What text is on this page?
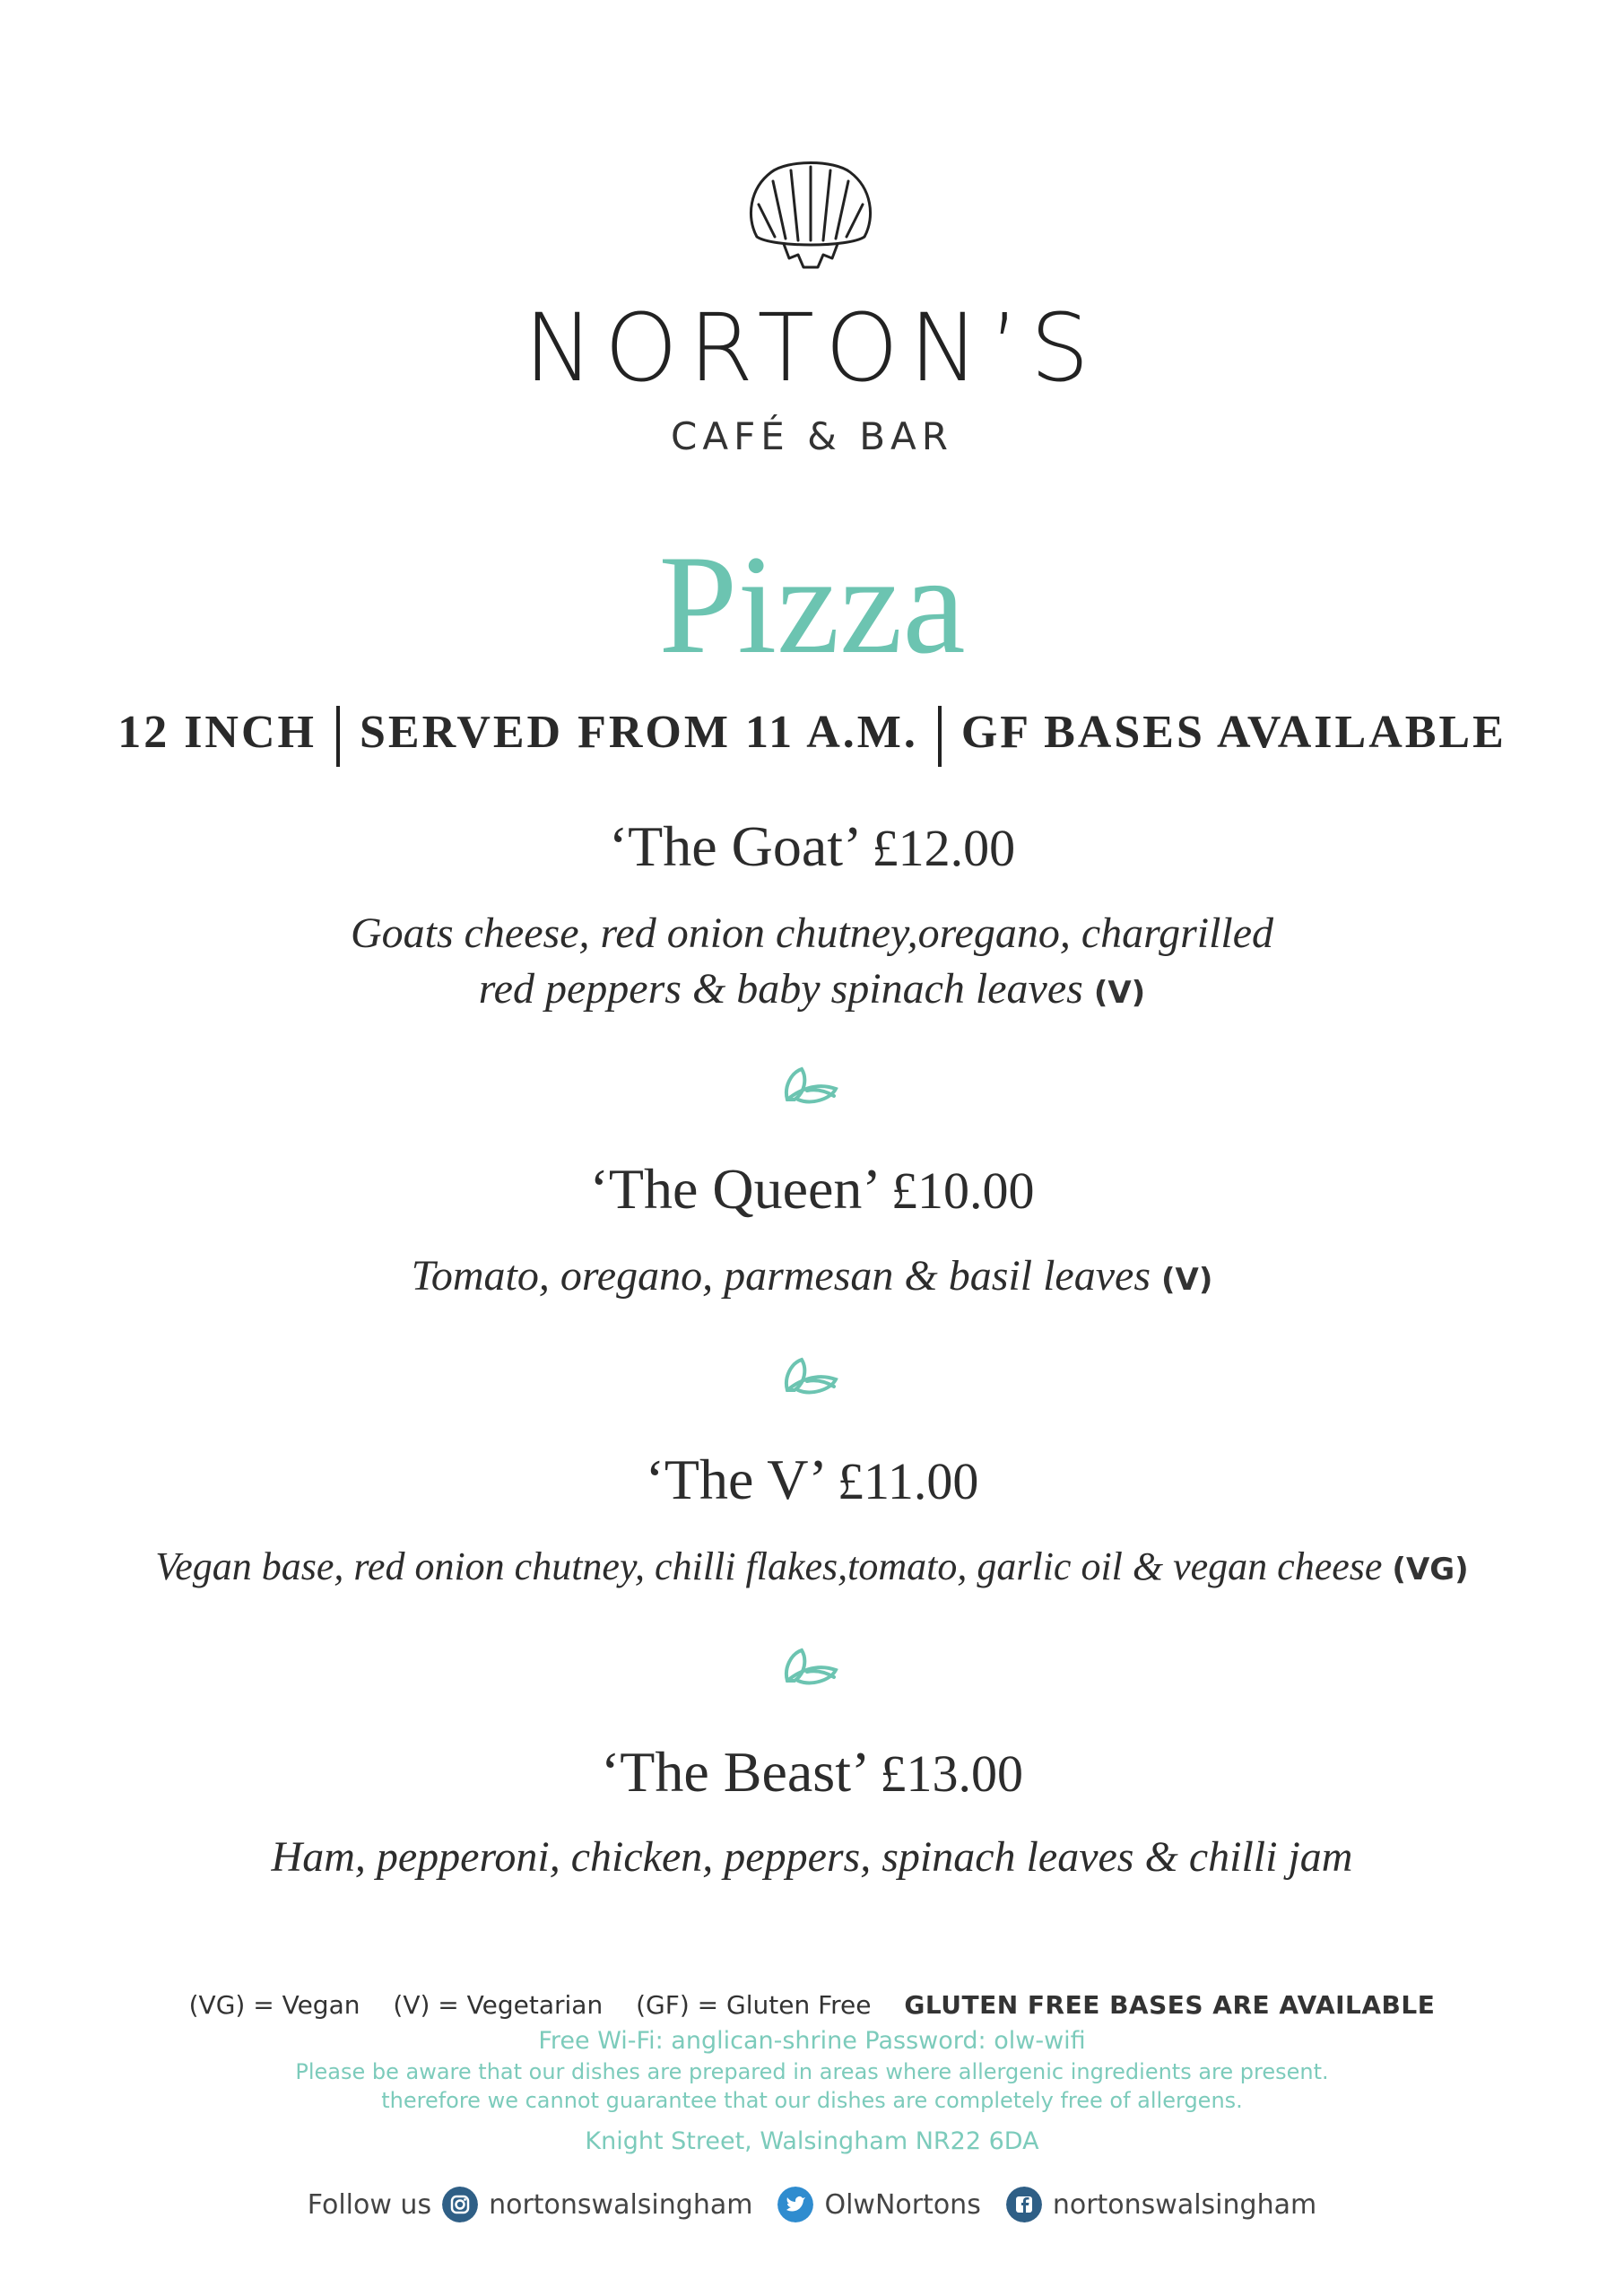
NORTON’S
CAFÉ & BAR
Pizza
12 INCH SERVED FROM 11 A.M. GF BASES AVAILABLE
‘The Goat’ £12.00
Goats cheese, red onion chutney,oregano, chargrilled
red peppers & baby spinach leaves (V)
‘The Queen’ £10.00
Tomato, oregano, parmesan & basil leaves (V)
‘The V’ £11.00
Vegan base, red onion chutney, chilli flakes,tomato, garlic oil & vegan cheese (VG)
‘The Beast’ £13.00
Ham, pepperoni, chicken, peppers, spinach leaves & chilli jam
(VG) = Vegan (V) = Vegetarian (GF) = Gluten Free GLUTEN FREE BASES ARE AVAILABLE
Free Wi-Fi: anglican-shrine Password: olw-wifi
Please be aware that our dishes are prepared in areas where allergenic ingredients are present.
therefore we cannot guarantee that our dishes are completely free of allergens.
Knight Street, Walsingham NR22 6DA
Follow us nortonswalsingham	OlwNortons	nortonswalsingham
